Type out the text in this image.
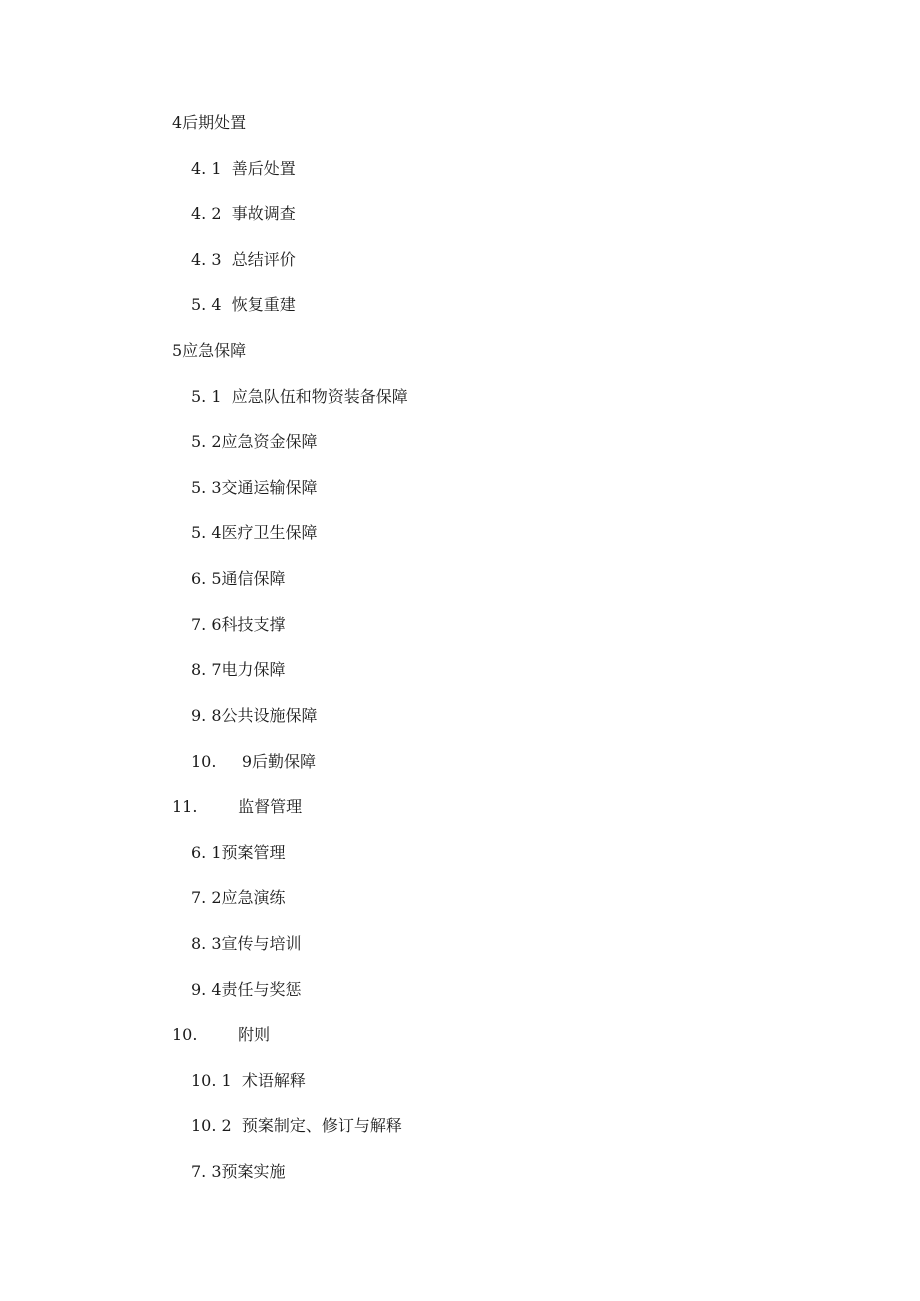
4后期处置
4. 1  善后处置
4. 2  事故调查
4. 3  总结评价
5. 4  恢复重建
5应急保障
5. 1  应急队伍和物资装备保障
5. 2应急资金保障
5. 3交通运输保障
5. 4医疗卫生保障
6. 5通信保障
7. 6科技支撑
8. 7电力保障
9. 8公共设施保障
10.     9后勤保障
11.        监督管理
6. 1预案管理
7. 2应急演练
8. 3宣传与培训
9. 4责任与奖惩
10.        附则
10. 1  术语解释
10. 2  预案制定、修订与解释
7. 3预案实施
